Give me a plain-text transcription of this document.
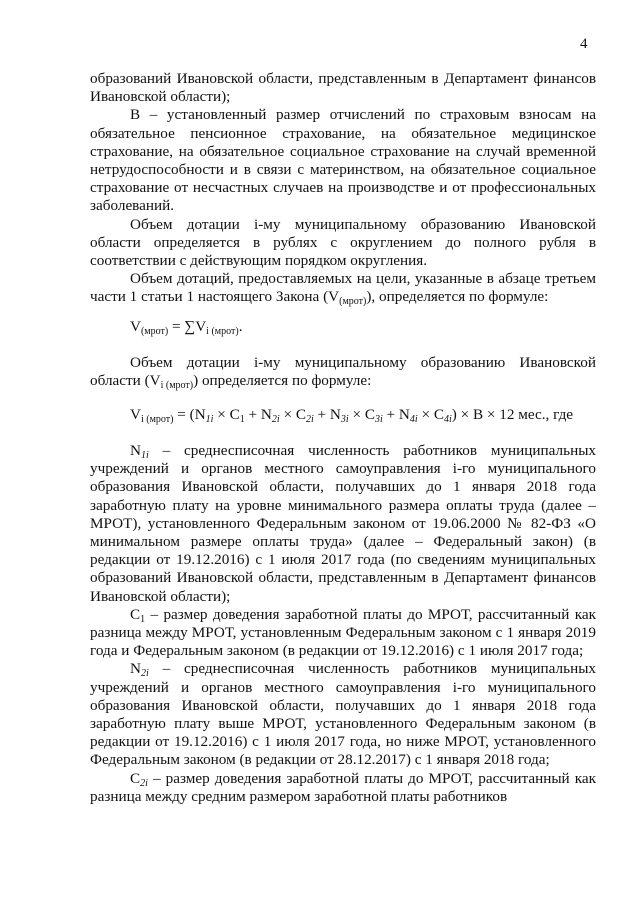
4

образований Ивановской области, представленным в Департамент финансов Ивановской области);

B – установленный размер отчислений по страховым взносам на обязательное пенсионное страхование, на обязательное медицинское страхование, на обязательное социальное страхование на случай временной нетрудоспособности и в связи с материнством, на обязательное социальное страхование от несчастных случаев на производстве и от профессиональных заболеваний.

Объем дотации i-му муниципальному образованию Ивановской области определяется в рублях с округлением до полного рубля в соответствии с действующим порядком округления.

Объем дотаций, предоставляемых на цели, указанные в абзаце третьем части 1 статьи 1 настоящего Закона $(V_{(мрот)})$, определяется по формуле:

$V_{(мрот)} = \sum V_{i (мрот)}$.

Объем дотации i-му муниципальному образованию Ивановской области $(V_{i (мрот)})$ определяется по формуле:

$V_{i (мрот)} = (N_{1i} \times C_1 + N_{2i} \times C_{2i} + N_{3i} \times C_{3i} + N_{4i} \times C_{4i}) \times B \times 12$ мес., где

$N_{1i}$ – среднесписочная численность работников муниципальных учреждений и органов местного самоуправления i-го муниципального образования Ивановской области, получавших до 1 января 2018 года заработную плату на уровне минимального размера оплаты труда (далее – МРОТ), установленного Федеральным законом от 19.06.2000 № 82-ФЗ «О минимальном размере оплаты труда» (далее – Федеральный закон) (в редакции от 19.12.2016) с 1 июля 2017 года (по сведениям муниципальных образований Ивановской области, представленным в Департамент финансов Ивановской области);

$C_1$ – размер доведения заработной платы до МРОТ, рассчитанный как разница между МРОТ, установленным Федеральным законом с 1 января 2019 года и Федеральным законом (в редакции от 19.12.2016) с 1 июля 2017 года;

$N_{2i}$ – среднесписочная численность работников муниципальных учреждений и органов местного самоуправления i-го муниципального образования Ивановской области, получавших до 1 января 2018 года заработную плату выше МРОТ, установленного Федеральным законом (в редакции от 19.12.2016) с 1 июля 2017 года, но ниже МРОТ, установленного Федеральным законом (в редакции от 28.12.2017) с 1 января 2018 года;

$C_{2i}$ – размер доведения заработной платы до МРОТ, рассчитанный как разница между средним размером заработной платы работников
